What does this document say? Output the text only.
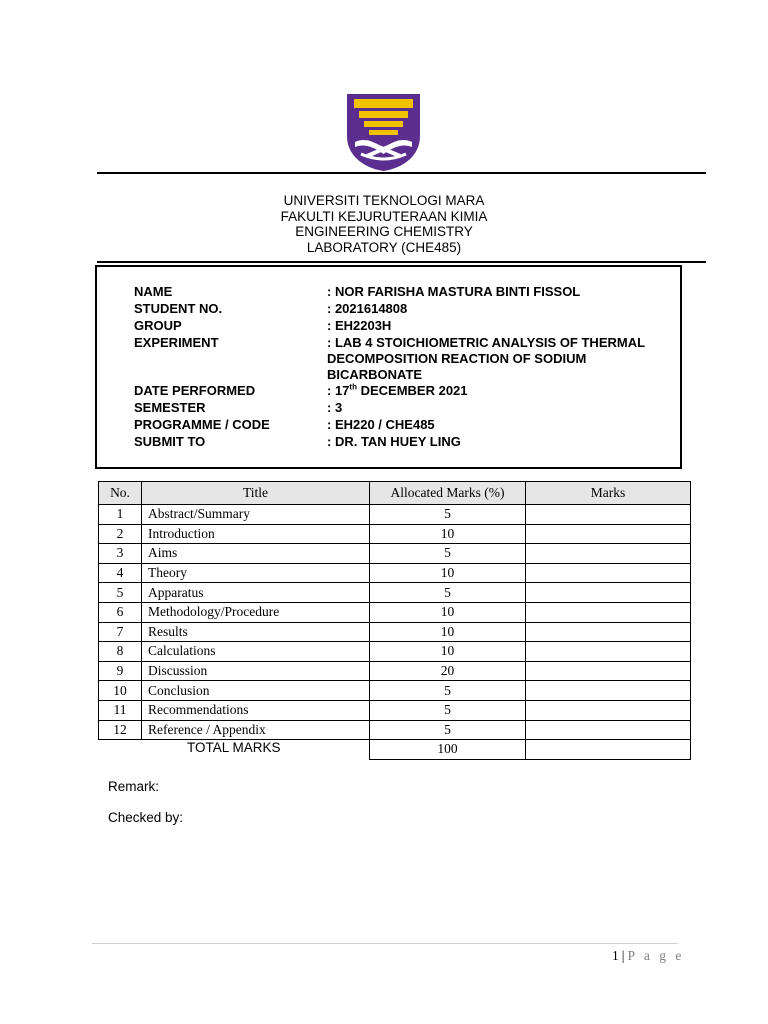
UNIVERSITI TEKNOLOGI MARA
FAKULTI KEJURUTERAAN KIMIA
ENGINEERING CHEMISTRY
LABORATORY (CHE485)
NAME	: NOR FARISHA MASTURA BINTI FISSOL
STUDENT NO.	: 2021614808
GROUP	: EH2203H
EXPERIMENT	: LAB 4 STOICHIOMETRIC ANALYSIS OF THERMAL DECOMPOSITION REACTION OF SODIUM BICARBONATE
DATE PERFORMED	: 17th DECEMBER 2021
SEMESTER	: 3
PROGRAMME / CODE	: EH220 / CHE485
SUBMIT TO	: DR. TAN HUEY LING
No.	Title	Allocated Marks (%)	Marks
1	Abstract/Summary	5	
2	Introduction	10	
3	Aims	5	
4	Theory	10	
5	Apparatus	5	
6	Methodology/Procedure	10	
7	Results	10	
8	Calculations	10	
9	Discussion	20	
10	Conclusion	5	
11	Recommendations	5	
12	Reference / Appendix	5	
TOTAL MARKS		100	
Remark:
Checked by:
1|P a g e
